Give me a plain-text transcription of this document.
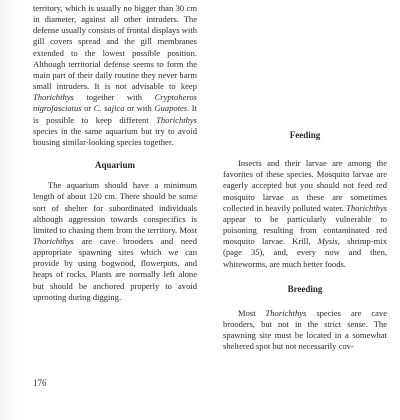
territory, which is usually no bigger than 30 cm in diameter, against all other intruders. The defense usually consists of frontal displays with gill covers spread and the gill membranes extended to the lowest possible position. Although territorial defense seems to form the main part of their daily routine they never harm small intruders. It is not advisable to keep Thorichthys together with Cryptoheros nigrofasciatus or C. sajica or with Guapotes. It is possible to keep different Thorichthys species in the same aquarium but try to avoid housing similar-looking species together.

Aquarium

The aquarium should have a minimum length of about 120 cm. There should be some sort of shelter for subordinated individuals although aggression towards conspecifics is limited to chasing them from the territory. Most Thorichthys are cave brooders and need appropriate spawning sites which we can provide by using bogwood, flowerpots, and heaps of rocks. Plants are normally left alone but should be anchored properly to avoid uprooting during digging.

Feeding

Insects and their larvae are among the favorites of these species. Mosquito larvae are eagerly accepted but you should not feed red mosquito larvae as these are sometimes collected in heavily polluted water. Thorichthys appear to be particularly vulnerable to poisoning resulting from contaminated red mosquito larvae. Krill, Mysis, shrimp-mix (page 35), and, every now and then, whiteworms, are much better foods.

Breeding

Most Thorichthys species are cave brooders, but not in the strict sense. The spawning site must be located in a somewhat sheltered spot but not necessarily cov-

176
